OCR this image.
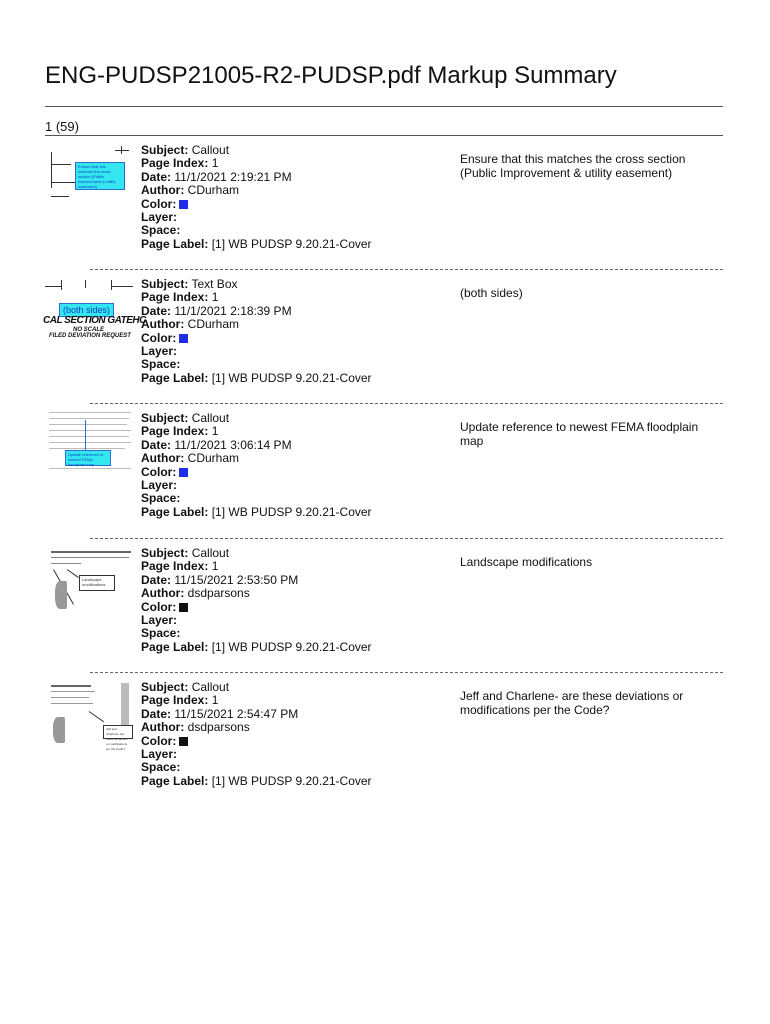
ENG-PUDSP21005-R2-PUDSP.pdf Markup Summary
1 (59)
Ensure that this matches the cross section (Public Improvement & utility easement)
Subject: Callout
Page Index: 1
Date: 11/1/2021 2:19:21 PM
Author: CDurham
Color:
Layer:
Space:
Page Label: [1] WB PUDSP 9.20.21-Cover
Ensure that this matches the cross section (Public Improvement & utility easement)
(both sides)
CAL SECTION GATEHC
NO SCALE
FILED DEVIATION REQUEST
Subject: Text Box
Page Index: 1
Date: 11/1/2021 2:18:39 PM
Author: CDurham
Color:
Layer:
Space:
Page Label: [1] WB PUDSP 9.20.21-Cover
(both sides)
Update reference to newest FEMA floodplain map
Subject: Callout
Page Index: 1
Date: 11/1/2021 3:06:14 PM
Author: CDurham
Color:
Layer:
Space:
Page Label: [1] WB PUDSP 9.20.21-Cover
Update reference to newest FEMA floodplain map
Landscape modifications
Subject: Callout
Page Index: 1
Date: 11/15/2021 2:53:50 PM
Author: dsdparsons
Color:
Layer:
Space:
Page Label: [1] WB PUDSP 9.20.21-Cover
Landscape modifications
Jeff and Charlene- are these deviations or modifications per the Code?
Subject: Callout
Page Index: 1
Date: 11/15/2021 2:54:47 PM
Author: dsdparsons
Color:
Layer:
Space:
Page Label: [1] WB PUDSP 9.20.21-Cover
Jeff and Charlene- are these deviations or modifications per the Code?
